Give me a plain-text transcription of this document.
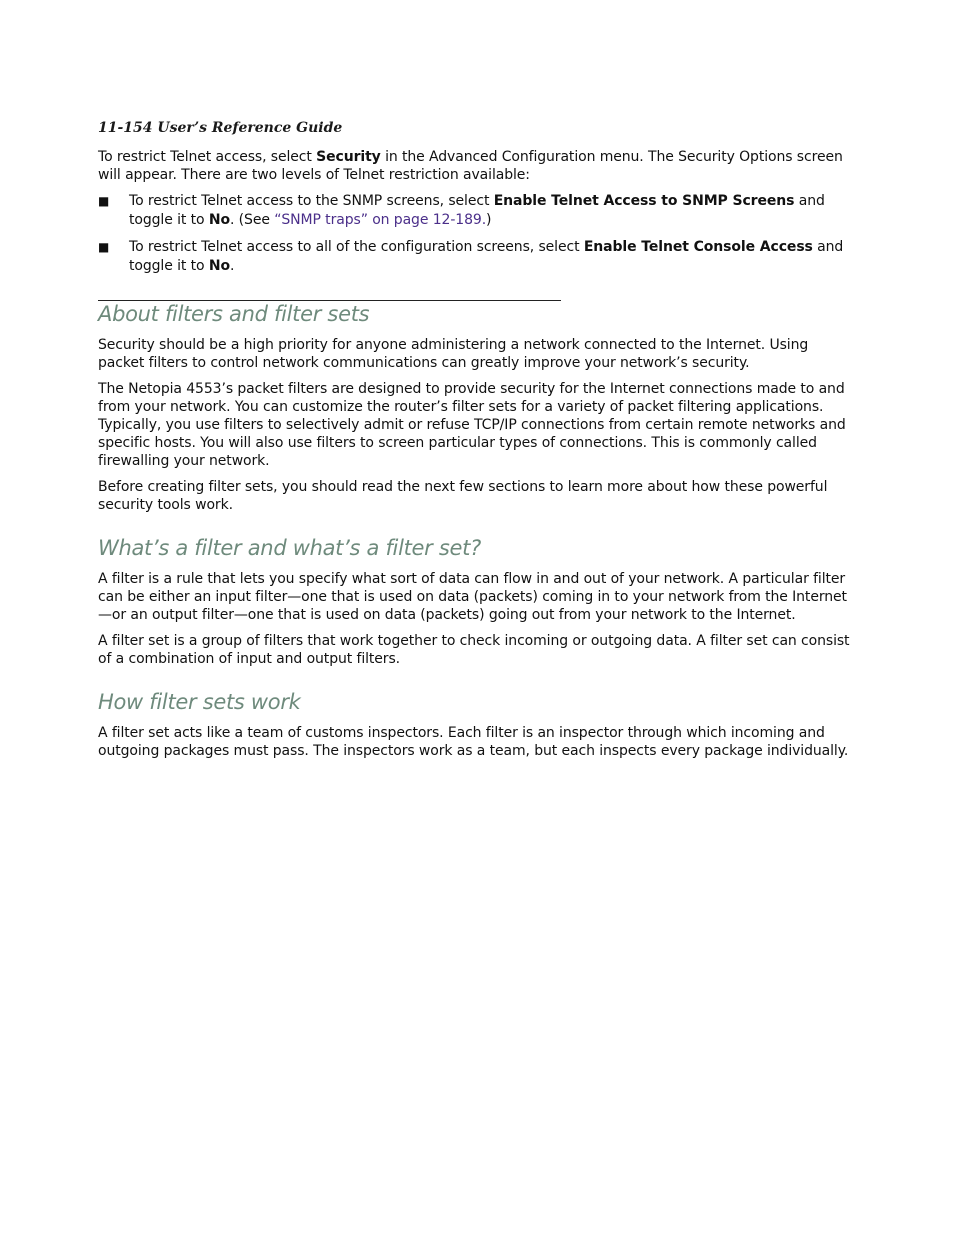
11-154 User’s Reference Guide

To restrict Telnet access, select Security in the Advanced Configuration menu. The Security Options screen will appear. There are two levels of Telnet restriction available:

■ To restrict Telnet access to the SNMP screens, select Enable Telnet Access to SNMP Screens and toggle it to No. (See “SNMP traps” on page 12-189.)
■ To restrict Telnet access to all of the configuration screens, select Enable Telnet Console Access and toggle it to No.
About filters and filter sets

Security should be a high priority for anyone administering a network connected to the Internet. Using packet filters to control network communications can greatly improve your network’s security.

The Netopia 4553’s packet filters are designed to provide security for the Internet connections made to and from your network. You can customize the router’s filter sets for a variety of packet filtering applications. Typically, you use filters to selectively admit or refuse TCP/IP connections from certain remote networks and specific hosts. You will also use filters to screen particular types of connections. This is commonly called firewalling your network.

Before creating filter sets, you should read the next few sections to learn more about how these powerful security tools work.

What’s a filter and what’s a filter set?

A filter is a rule that lets you specify what sort of data can flow in and out of your network. A particular filter can be either an input filter—one that is used on data (packets) coming in to your network from the Internet—or an output filter—one that is used on data (packets) going out from your network to the Internet.

A filter set is a group of filters that work together to check incoming or outgoing data. A filter set can consist of a combination of input and output filters.

How filter sets work

A filter set acts like a team of customs inspectors. Each filter is an inspector through which incoming and outgoing packages must pass. The inspectors work as a team, but each inspects every package individually.
